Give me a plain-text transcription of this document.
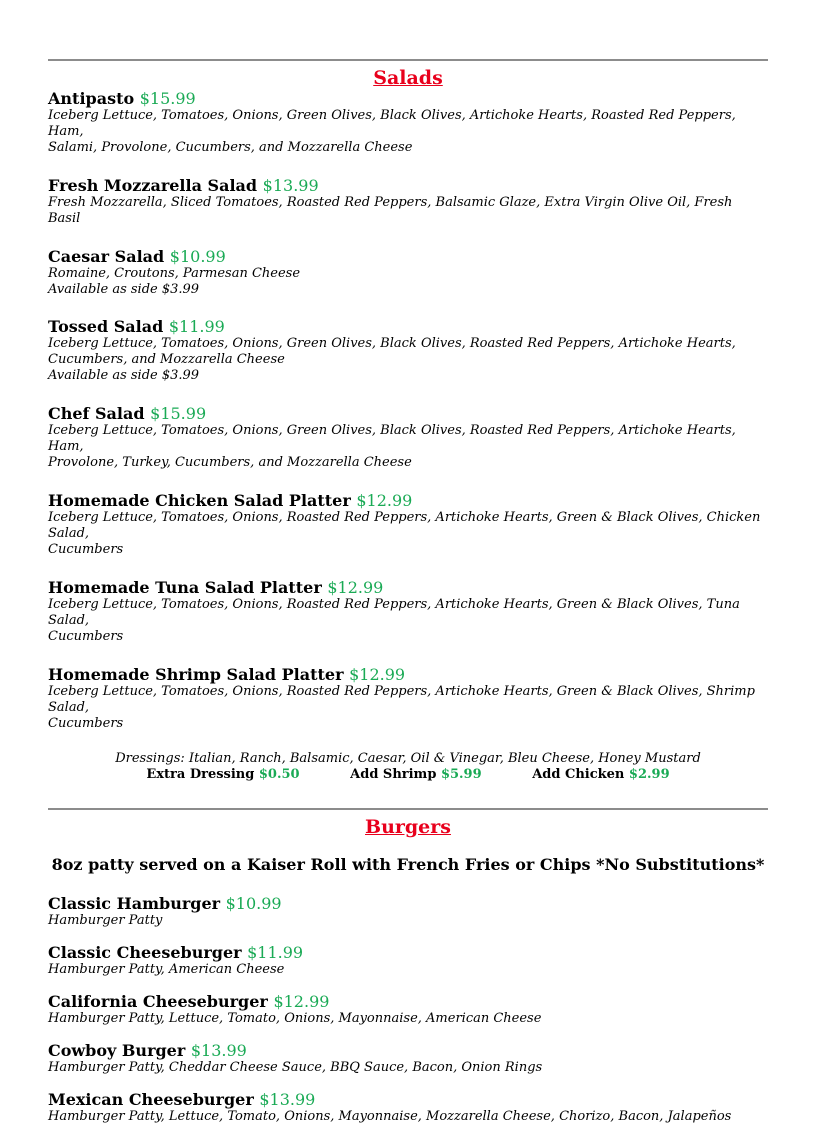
Salads
Antipasto $15.99
Iceberg Lettuce, Tomatoes, Onions, Green Olives, Black Olives, Artichoke Hearts, Roasted Red Peppers, Ham,
Salami, Provolone, Cucumbers, and Mozzarella Cheese
Fresh Mozzarella Salad $13.99
Fresh Mozzarella, Sliced Tomatoes, Roasted Red Peppers, Balsamic Glaze, Extra Virgin Olive Oil, Fresh Basil
Caesar Salad $10.99
Romaine, Croutons, Parmesan Cheese
Available as side $3.99
Tossed Salad $11.99
Iceberg Lettuce, Tomatoes, Onions, Green Olives, Black Olives, Roasted Red Peppers, Artichoke Hearts,
Cucumbers, and Mozzarella Cheese
Available as side $3.99
Chef Salad $15.99
Iceberg Lettuce, Tomatoes, Onions, Green Olives, Black Olives, Roasted Red Peppers, Artichoke Hearts, Ham,
Provolone, Turkey, Cucumbers, and Mozzarella Cheese
Homemade Chicken Salad Platter $12.99
Iceberg Lettuce, Tomatoes, Onions, Roasted Red Peppers, Artichoke Hearts, Green & Black Olives, Chicken Salad,
Cucumbers
Homemade Tuna Salad Platter $12.99
Iceberg Lettuce, Tomatoes, Onions, Roasted Red Peppers, Artichoke Hearts, Green & Black Olives, Tuna Salad,
Cucumbers
Homemade Shrimp Salad Platter $12.99
Iceberg Lettuce, Tomatoes, Onions, Roasted Red Peppers, Artichoke Hearts, Green & Black Olives, Shrimp Salad,
Cucumbers
Dressings: Italian, Ranch, Balsamic, Caesar, Oil & Vinegar, Bleu Cheese, Honey Mustard
Extra Dressing $0.50	Add Shrimp $5.99	Add Chicken $2.99
Burgers
8oz patty served on a Kaiser Roll with French Fries or Chips *No Substitutions*
Classic Hamburger $10.99
Hamburger Patty
Classic Cheeseburger $11.99
Hamburger Patty, American Cheese
California Cheeseburger $12.99
Hamburger Patty, Lettuce, Tomato, Onions, Mayonnaise, American Cheese
Cowboy Burger $13.99
Hamburger Patty, Cheddar Cheese Sauce, BBQ Sauce, Bacon, Onion Rings
Mexican Cheeseburger $13.99
Hamburger Patty, Lettuce, Tomato, Onions, Mayonnaise, Mozzarella Cheese, Chorizo, Bacon, Jalapeños
